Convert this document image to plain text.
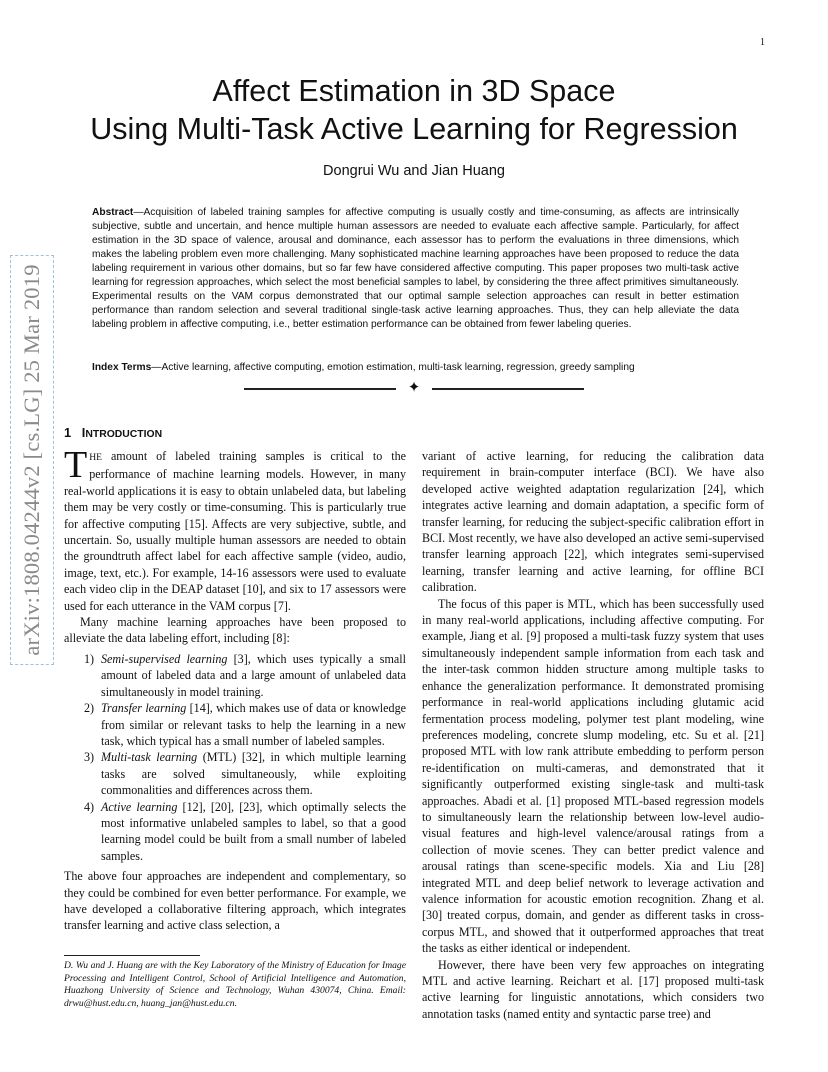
1
arXiv:1808.04244v2 [cs.LG] 25 Mar 2019
Affect Estimation in 3D Space
Using Multi-Task Active Learning for Regression
Dongrui Wu and Jian Huang
Abstract—Acquisition of labeled training samples for affective computing is usually costly and time-consuming, as affects are intrinsically subjective, subtle and uncertain, and hence multiple human assessors are needed to evaluate each affective sample. Particularly, for affect estimation in the 3D space of valence, arousal and dominance, each assessor has to perform the evaluations in three dimensions, which makes the labeling problem even more challenging. Many sophisticated machine learning approaches have been proposed to reduce the data labeling requirement in various other domains, but so far few have considered affective computing. This paper proposes two multi-task active learning for regression approaches, which select the most beneficial samples to label, by considering the three affect primitives simultaneously. Experimental results on the VAM corpus demonstrated that our optimal sample selection approaches can result in better estimation performance than random selection and several traditional single-task active learning approaches. Thus, they can help alleviate the data labeling problem in affective computing, i.e., better estimation performance can be obtained from fewer labeling queries.
Index Terms—Active learning, affective computing, emotion estimation, multi-task learning, regression, greedy sampling
✦
1 INTRODUCTION

THE amount of labeled training samples is critical to the performance of machine learning models. However, in many real-world applications it is easy to obtain unlabeled data, but labeling them may be very costly or time-consuming. This is particularly true for affective computing [15]. Affects are very subjective, subtle, and uncertain. So, usually multiple human assessors are needed to obtain the groundtruth affect label for each affective sample (video, audio, image, text, etc.). For example, 14-16 assessors were used to evaluate each video clip in the DEAP dataset [10], and six to 17 assessors were used for each utterance in the VAM corpus [7].

Many machine learning approaches have been proposed to alleviate the data labeling effort, including [8]:

1) Semi-supervised learning [3], which uses typically a small amount of labeled data and a large amount of unlabeled data simultaneously in model training.
2) Transfer learning [14], which makes use of data or knowledge from similar or relevant tasks to help the learning in a new task, which typical has a small number of labeled samples.
3) Multi-task learning (MTL) [32], in which multiple learning tasks are solved simultaneously, while exploiting commonalities and differences across them.
4) Active learning [12], [20], [23], which optimally selects the most informative unlabeled samples to label, so that a good learning model could be built from a small number of labeled samples.

The above four approaches are independent and complementary, so they could be combined for even better performance. For example, we have developed a collaborative filtering approach, which integrates transfer learning and active class selection, a

D. Wu and J. Huang are with the Key Laboratory of the Ministry of Education for Image Processing and Intelligent Control, School of Artificial Intelligence and Automation, Huazhong University of Science and Technology, Wuhan 430074, China. Email: drwu@hust.edu.cn, huang_jan@hust.edu.cn.

variant of active learning, for reducing the calibration data requirement in brain-computer interface (BCI). We have also developed active weighted adaptation regularization [24], which integrates active learning and domain adaptation, a specific form of transfer learning, for reducing the subject-specific calibration effort in BCI. Most recently, we have also developed an active semi-supervised transfer learning approach [22], which integrates semi-supervised learning, transfer learning and active learning, for offline BCI calibration.

The focus of this paper is MTL, which has been successfully used in many real-world applications, including affective computing. For example, Jiang et al. [9] proposed a multi-task fuzzy system that uses simultaneously independent sample information from each task and the inter-task common hidden structure among multiple tasks to enhance the generalization performance. It demonstrated promising performance in real-world applications including glutamic acid fermentation process modeling, polymer test plant modeling, wine preferences modeling, concrete slump modeling, etc. Su et al. [21] proposed MTL with low rank attribute embedding to perform person re-identification on multi-cameras, and demonstrated that it significantly outperformed existing single-task and multi-task approaches. Abadi et al. [1] proposed MTL-based regression models to simultaneously learn the relationship between low-level audio-visual features and high-level valence/arousal ratings from a collection of movie scenes. They can better predict valence and arousal ratings than scene-specific models. Xia and Liu [28] integrated MTL and deep belief network to leverage activation and valence information for acoustic emotion recognition. Zhang et al. [30] treated corpus, domain, and gender as different tasks in cross-corpus MTL, and showed that it outperformed approaches that treat the tasks as either identical or independent.

However, there have been very few approaches on integrating MTL and active learning. Reichart et al. [17] proposed multi-task active learning for linguistic annotations, which considers two annotation tasks (named entity and syntactic parse tree) and
